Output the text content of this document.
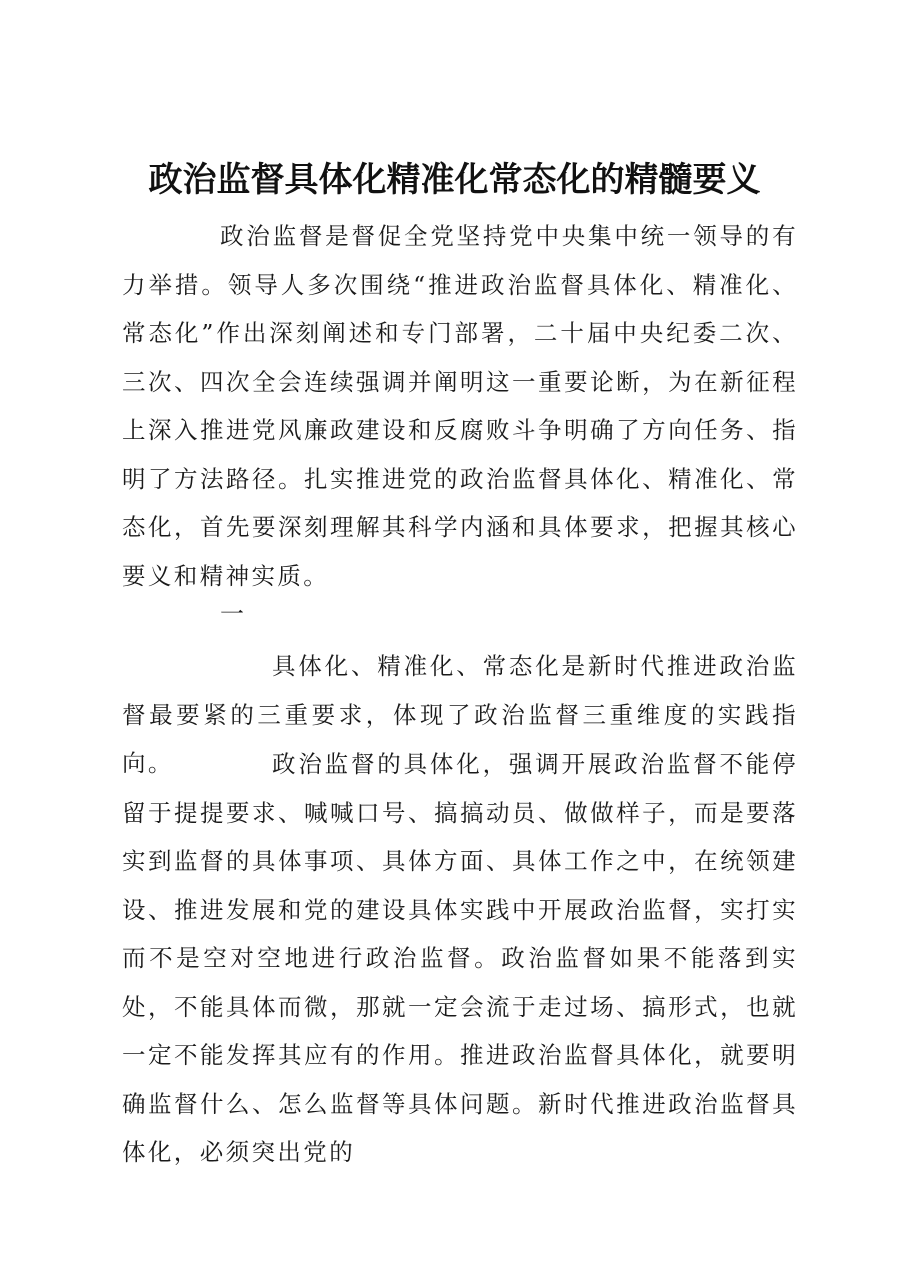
政治监督具体化精准化常态化的精髓要义
政治监督是督促全党坚持党中央集中统一领导的有力举措。领导人多次围绕“推进政治监督具体化、精准化、常态化”作出深刻阐述和专门部署，二十届中央纪委二次、三次、四次全会连续强调并阐明这一重要论断，为在新征程上深入推进党风廉政建设和反腐败斗争明确了方向任务、指明了方法路径。扎实推进党的政治监督具体化、精准化、常态化，首先要深刻理解其科学内涵和具体要求，把握其核心要义和精神实质。
一
具体化、精准化、常态化是新时代推进政治监督最要紧的三重要求，体现了政治监督三重维度的实践指向。	政治监督的具体化，强调开展政治监督不能停留于提提要求、喊喊口号、搞搞动员、做做样子，而是要落实到监督的具体事项、具体方面、具体工作之中，在统领建设、推进发展和党的建设具体实践中开展政治监督，实打实而不是空对空地进行政治监督。政治监督如果不能落到实处，不能具体而微，那就一定会流于走过场、搞形式，也就一定不能发挥其应有的作用。推进政治监督具体化，就要明确监督什么、怎么监督等具体问题。新时代推进政治监督具体化，必须突出党的
